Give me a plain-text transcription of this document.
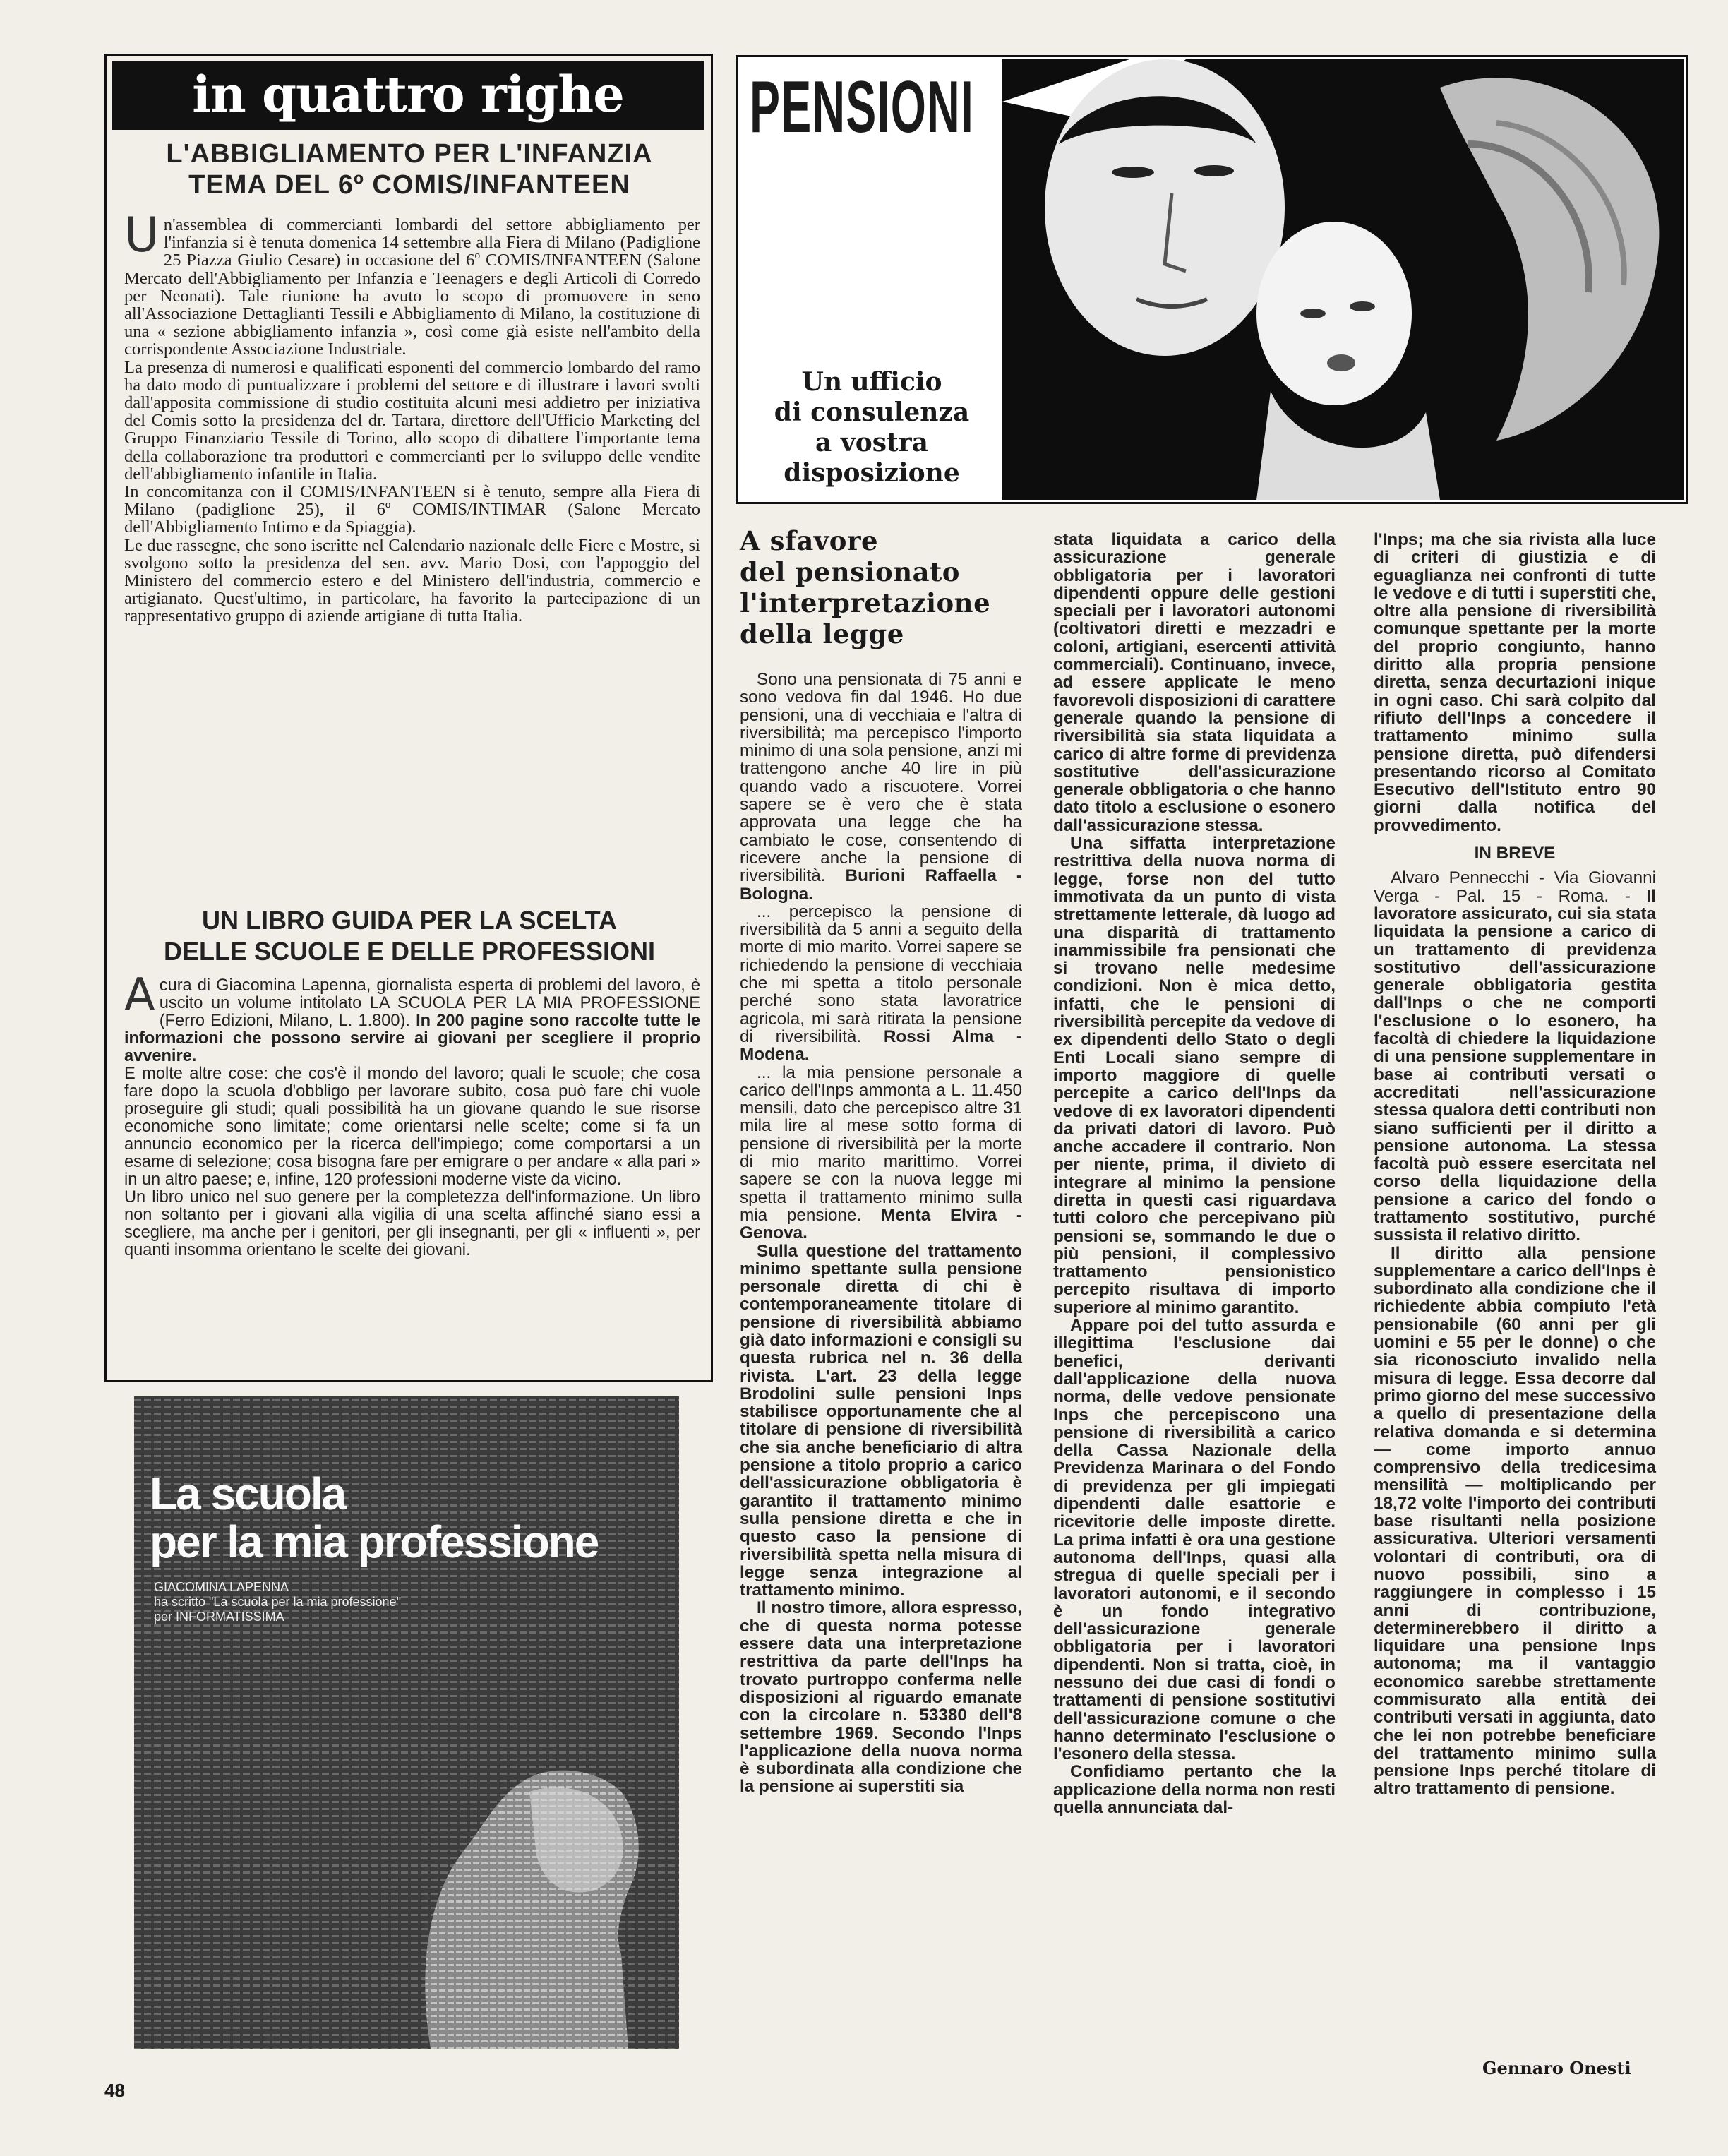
in quattro righe
L'ABBIGLIAMENTO PER L'INFANZIA
TEMA DEL 6º COMIS/INFANTEEN

Un'assemblea di commercianti lombardi del settore abbigliamento per l'infanzia si è tenuta domenica 14 settembre alla Fiera di Milano (Padiglione 25 Piazza Giulio Cesare) in occasione del 6º COMIS/INFANTEEN (Salone Mercato dell'Abbigliamento per Infanzia e Teenagers e degli Articoli di Corredo per Neonati). Tale riunione ha avuto lo scopo di promuovere in seno all'Associazione Dettaglianti Tessili e Abbigliamento di Milano, la costituzione di una « sezione abbigliamento infanzia », così come già esiste nell'ambito della corrispondente Associazione Industriale.

La presenza di numerosi e qualificati esponenti del commercio lombardo del ramo ha dato modo di puntualizzare i problemi del settore e di illustrare i lavori svolti dall'apposita commissione di studio costituita alcuni mesi addietro per iniziativa del Comis sotto la presidenza del dr. Tartara, direttore dell'Ufficio Marketing del Gruppo Finanziario Tessile di Torino, allo scopo di dibattere l'importante tema della collaborazione tra produttori e commercianti per lo sviluppo delle vendite dell'abbigliamento infantile in Italia.

In concomitanza con il COMIS/INFANTEEN si è tenuto, sempre alla Fiera di Milano (padiglione 25), il 6º COMIS/INTIMAR (Salone Mercato dell'Abbigliamento Intimo e da Spiaggia).

Le due rassegne, che sono iscritte nel Calendario nazionale delle Fiere e Mostre, si svolgono sotto la presidenza del sen. avv. Mario Dosi, con l'appoggio del Ministero del commercio estero e del Ministero dell'industria, commercio e artigianato. Quest'ultimo, in particolare, ha favorito la partecipazione di un rappresentativo gruppo di aziende artigiane di tutta Italia.

UN LIBRO GUIDA PER LA SCELTA
DELLE SCUOLE E DELLE PROFESSIONI

Acura di Giacomina Lapenna, giornalista esperta di problemi del lavoro, è uscito un volume intitolato LA SCUOLA PER LA MIA PROFESSIONE (Ferro Edizioni, Milano, L. 1.800). In 200 pagine sono raccolte tutte le informazioni che possono servire ai giovani per scegliere il proprio avvenire.

E molte altre cose: che cos'è il mondo del lavoro; quali le scuole; che cosa fare dopo la scuola d'obbligo per lavorare subito, cosa può fare chi vuole proseguire gli studi; quali possibilità ha un giovane quando le sue risorse economiche sono limitate; come orientarsi nelle scelte; come si fa un annuncio economico per la ricerca dell'impiego; come comportarsi a un esame di selezione; cosa bisogna fare per emigrare o per andare « alla pari » in un altro paese; e, infine, 120 professioni moderne viste da vicino.

Un libro unico nel suo genere per la completezza dell'informazione. Un libro non soltanto per i giovani alla vigilia di una scelta affinché siano essi a scegliere, ma anche per i genitori, per gli insegnanti, per gli « influenti », per quanti insomma orientano le scelte dei giovani.

La scuola
per la mia professione
GIACOMINA LAPENNA
ha scritto "La scuola per la mia professione"
per INFORMATISSIMA
48
PENSIONI
Un ufficio
di consulenza
a vostra
disposizione
A sfavore
del pensionato
l'interpretazione
della legge

Sono una pensionata di 75 anni e sono vedova fin dal 1946. Ho due pensioni, una di vecchiaia e l'altra di riversibilità; ma percepisco l'importo minimo di una sola pensione, anzi mi trattengono anche 40 lire in più quando vado a riscuotere. Vorrei sapere se è vero che è stata approvata una legge che ha cambiato le cose, consentendo di ricevere anche la pensione di riversibilità. Burioni Raffaella - Bologna.

... percepisco la pensione di riversibilità da 5 anni a seguito della morte di mio marito. Vorrei sapere se richiedendo la pensione di vecchiaia che mi spetta a titolo personale perché sono stata lavoratrice agricola, mi sarà ritirata la pensione di riversibilità. Rossi Alma - Modena.

... la mia pensione personale a carico dell'Inps ammonta a L. 11.450 mensili, dato che percepisco altre 31 mila lire al mese sotto forma di pensione di riversibilità per la morte di mio marito marittimo. Vorrei sapere se con la nuova legge mi spetta il trattamento minimo sulla mia pensione. Menta Elvira - Genova.

Sulla questione del trattamento minimo spettante sulla pensione personale diretta di chi è contemporaneamente titolare di pensione di riversibilità abbiamo già dato informazioni e consigli su questa rubrica nel n. 36 della rivista. L'art. 23 della legge Brodolini sulle pensioni Inps stabilisce opportunamente che al titolare di pensione di riversibilità che sia anche beneficiario di altra pensione a titolo proprio a carico dell'assicurazione obbligatoria è garantito il trattamento minimo sulla pensione diretta e che in questo caso la pensione di riversibilità spetta nella misura di legge senza integrazione al trattamento minimo.

Il nostro timore, allora espresso, che di questa norma potesse essere data una interpretazione restrittiva da parte dell'Inps ha trovato purtroppo conferma nelle disposizioni al riguardo emanate con la circolare n. 53380 dell'8 settembre 1969. Secondo l'Inps l'applicazione della nuova norma è subordinata alla condizione che la pensione ai superstiti sia

stata liquidata a carico della assicurazione generale obbligatoria per i lavoratori dipendenti oppure delle gestioni speciali per i lavoratori autonomi (coltivatori diretti e mezzadri e coloni, artigiani, esercenti attività commerciali). Continuano, invece, ad essere applicate le meno favorevoli disposizioni di carattere generale quando la pensione di riversibilità sia stata liquidata a carico di altre forme di previdenza sostitutive dell'assicurazione generale obbligatoria o che hanno dato titolo a esclusione o esonero dall'assicurazione stessa.

Una siffatta interpretazione restrittiva della nuova norma di legge, forse non del tutto immotivata da un punto di vista strettamente letterale, dà luogo ad una disparità di trattamento inammissibile fra pensionati che si trovano nelle medesime condizioni. Non è mica detto, infatti, che le pensioni di riversibilità percepite da vedove di ex dipendenti dello Stato o degli Enti Locali siano sempre di importo maggiore di quelle percepite a carico dell'Inps da vedove di ex lavoratori dipendenti da privati datori di lavoro. Può anche accadere il contrario. Non per niente, prima, il divieto di integrare al minimo la pensione diretta in questi casi riguardava tutti coloro che percepivano più pensioni se, sommando le due o più pensioni, il complessivo trattamento pensionistico percepito risultava di importo superiore al minimo garantito.

Appare poi del tutto assurda e illegittima l'esclusione dai benefici, derivanti dall'applicazione della nuova norma, delle vedove pensionate Inps che percepiscono una pensione di riversibilità a carico della Cassa Nazionale della Previdenza Marinara o del Fondo di previdenza per gli impiegati dipendenti dalle esattorie e ricevitorie delle imposte dirette. La prima infatti è ora una gestione autonoma dell'Inps, quasi alla stregua di quelle speciali per i lavoratori autonomi, e il secondo è un fondo integrativo dell'assicurazione generale obbligatoria per i lavoratori dipendenti. Non si tratta, cioè, in nessuno dei due casi di fondi o trattamenti di pensione sostitutivi dell'assicurazione comune o che hanno determinato l'esclusione o l'esonero della stessa.

Confidiamo pertanto che la applicazione della norma non resti quella annunciata dal-

l'Inps; ma che sia rivista alla luce di criteri di giustizia e di eguaglianza nei confronti di tutte le vedove e di tutti i superstiti che, oltre alla pensione di riversibilità comunque spettante per la morte del proprio congiunto, hanno diritto alla propria pensione diretta, senza decurtazioni inique in ogni caso. Chi sarà colpito dal rifiuto dell'Inps a concedere il trattamento minimo sulla pensione diretta, può difendersi presentando ricorso al Comitato Esecutivo dell'Istituto entro 90 giorni dalla notifica del provvedimento.

IN BREVE

Alvaro Pennecchi - Via Giovanni Verga - Pal. 15 - Roma. - Il lavoratore assicurato, cui sia stata liquidata la pensione a carico di un trattamento di previdenza sostitutivo dell'assicurazione generale obbligatoria gestita dall'Inps o che ne comporti l'esclusione o lo esonero, ha facoltà di chiedere la liquidazione di una pensione supplementare in base ai contributi versati o accreditati nell'assicurazione stessa qualora detti contributi non siano sufficienti per il diritto a pensione autonoma. La stessa facoltà può essere esercitata nel corso della liquidazione della pensione a carico del fondo o trattamento sostitutivo, purché sussista il relativo diritto.

Il diritto alla pensione supplementare a carico dell'Inps è subordinato alla condizione che il richiedente abbia compiuto l'età pensionabile (60 anni per gli uomini e 55 per le donne) o che sia riconosciuto invalido nella misura di legge. Essa decorre dal primo giorno del mese successivo a quello di presentazione della relativa domanda e si determina — come importo annuo comprensivo della tredicesima mensilità — moltiplicando per 18,72 volte l'importo dei contributi base risultanti nella posizione assicurativa. Ulteriori versamenti volontari di contributi, ora di nuovo possibili, sino a raggiungere in complesso i 15 anni di contribuzione, determinerebbero il diritto a liquidare una pensione Inps autonoma; ma il vantaggio economico sarebbe strettamente commisurato alla entità dei contributi versati in aggiunta, dato che lei non potrebbe beneficiare del trattamento minimo sulla pensione Inps perché titolare di altro trattamento di pensione.

Gennaro Onesti
